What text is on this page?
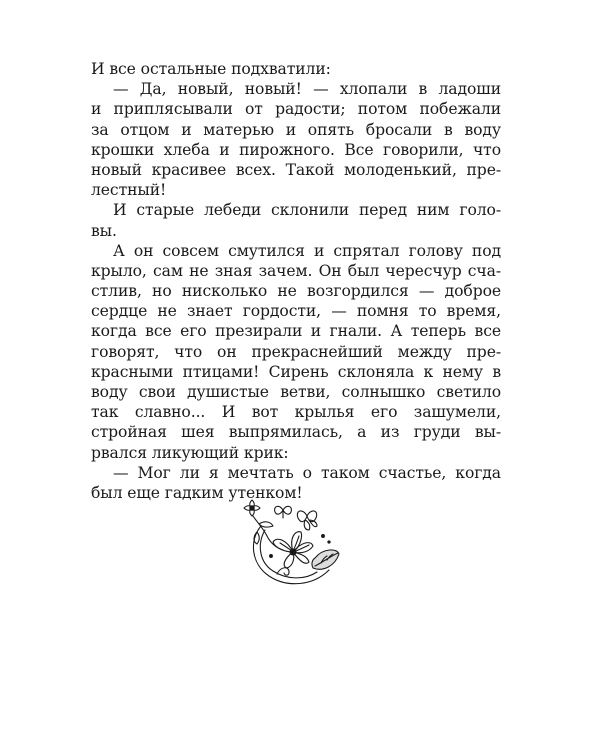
И все остальные подхватили:
— Да, новый, новый! — хлопали в ладоши
и приплясывали от радости; потом побежали
за отцом и матерью и опять бросали в воду
крошки хлеба и пирожного. Все говорили, что
новый красивее всех. Такой молоденький, пре-
лестный!
И старые лебеди склонили перед ним голо-
вы.
А он совсем смутился и спрятал голову под
крыло, сам не зная зачем. Он был чересчур сча-
стлив, но нисколько не возгордился — доброе
сердце не знает гордости, — помня то время,
когда все его презирали и гнали. А теперь все
говорят, что он прекраснейший между пре-
красными птицами! Сирень склоняла к нему в
воду свои душистые ветви, солнышко светило
так славно... И вот крылья его зашумели,
стройная шея выпрямилась, а из груди вы-
рвался ликующий крик:
— Мог ли я мечтать о таком счастье, когда
был еще гадким утенком!
